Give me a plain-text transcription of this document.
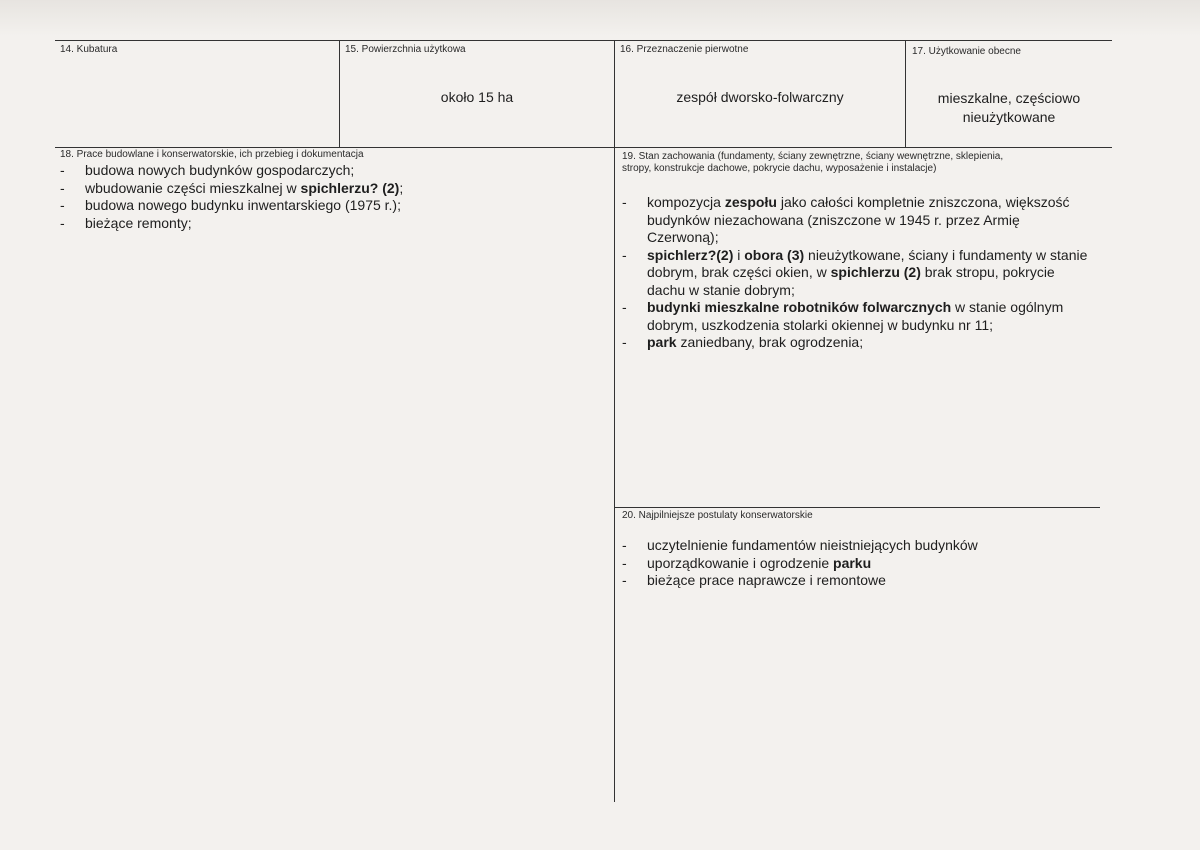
14. Kubatura	15. Powierzchnia użytkowa
około 15 ha
16. Przeznaczenie pierwotne
zespół dworsko-folwarczny
17. Użytkowanie obecne
mieszkalne, częściowo
nieużytkowane
18. Prace budowlane i konserwatorskie, ich przebieg i dokumentacja
- budowa nowych budynków gospodarczych;
- wbudowanie części mieszkalnej w spichlerzu? (2);
- budowa nowego budynku inwentarskiego (1975 r.);
- bieżące remonty;
19. Stan zachowania (fundamenty, ściany zewnętrzne, ściany wewnętrzne, sklepienia,
stropy, konstrukcje dachowe, pokrycie dachu, wyposażenie i instalacje)
- kompozycja zespołu jako całości kompletnie zniszczona, większość budynków niezachowana (zniszczone w 1945 r. przez Armię Czerwoną);
- spichlerz?(2) i obora (3) nieużytkowane, ściany i fundamenty w stanie dobrym, brak części okien, w spichlerzu (2) brak stropu, pokrycie dachu w stanie dobrym;
- budynki mieszkalne robotników folwarcznych w stanie ogólnym dobrym, uszkodzenia stolarki okiennej w budynku nr 11;
- park zaniedbany, brak ogrodzenia;
20. Najpilniejsze postulaty konserwatorskie
- uczytelnienie fundamentów nieistniejących budynków
- uporządkowanie i ogrodzenie parku
- bieżące prace naprawcze i remontowe
